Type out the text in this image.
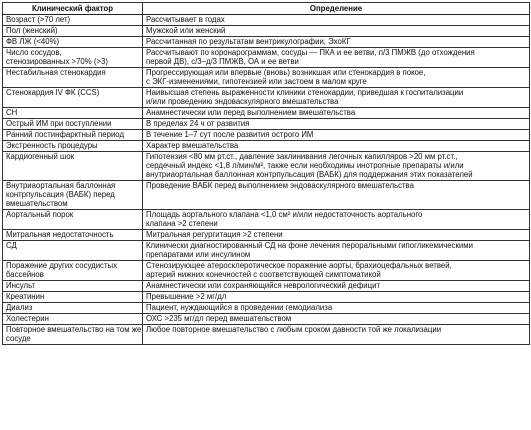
Клинический фактор	Определение

Возраст (>70 лет)	Рассчитывает в годах

Пол (женский)	Мужской или женский

ФВ ЛЖ (<40%)	Рассчитанная по результатам вентрикулографии, ЭхоКГ

Число сосудов,
стенозированных >70% (>3)	Рассчитывают по коронарограммам, сосуды — ПКА и ее ветви, п/3 ПМЖВ (до отхождения
первой ДВ), с/3–д/3 ПМЖВ, ОА и ее ветви

Нестабильная стенокардия	Прогрессирующая или впервые (вновь) возникшая или стенокардия в покое,
с ЭКГ-изменениями, гипотензией или застоем в малом круге

Стенокардия IV ФК (CCS)	Наивысшая степень выраженности клиники стенокардии, приведшая к госпитализации
и/или проведению эндоваскулярного вмешательства

СН	Анамнестически или перед выполнением вмешательства

Острый ИМ при поступлении	В пределах 24 ч от развития

Ранний постинфарктный период	В течение 1–7 сут после развития острого ИМ

Экстренность процедуры	Характер вмешательства

Кардиогенный шок	Гипотензия <80 мм рт.ст., давление заклинивания легочных капилляров >20 мм рт.ст.,
сердечный индекс <1,8 л/мин/м², также если необходимы инотропные препараты и/или
внутриаортальная баллонная контрпульсация (ВАБК) для поддержания этих показателей

Внутриаортальная баллонная
контрпульсация (ВАБК) перед
вмешательством	Проведение ВАБК перед выполнением эндоваскулярного вмешательства

Аортальный порок	Площадь аортального клапана <1,0 см² и/или недостаточность аортального
клапана >2 степени

Митральная недостаточность	Митральная регургитация >2 степени

СД	Клинически диагностированный СД на фоне лечения пероральными гипогликемическими
препаратами или инсулином

Поражение других сосудистых
бассейнов	Стенозирующее атеросклеротическое поражение аорты, брахиоцефальных ветвей,
артерий нижних конечностей с соответствующей симптоматикой

Инсульт	Анамнестически или сохраняющийся неврологический дефицит

Креатинин	Превышение >2 мг/дл

Диализ	Пациент, нуждающийся в проведении гемодиализа

Холестерин	ОХС >235 мг/дл перед вмешательством

Повторное вмешательство на том же
сосуде	Любое повторное вмешательство с любым сроком давности той же локализации
